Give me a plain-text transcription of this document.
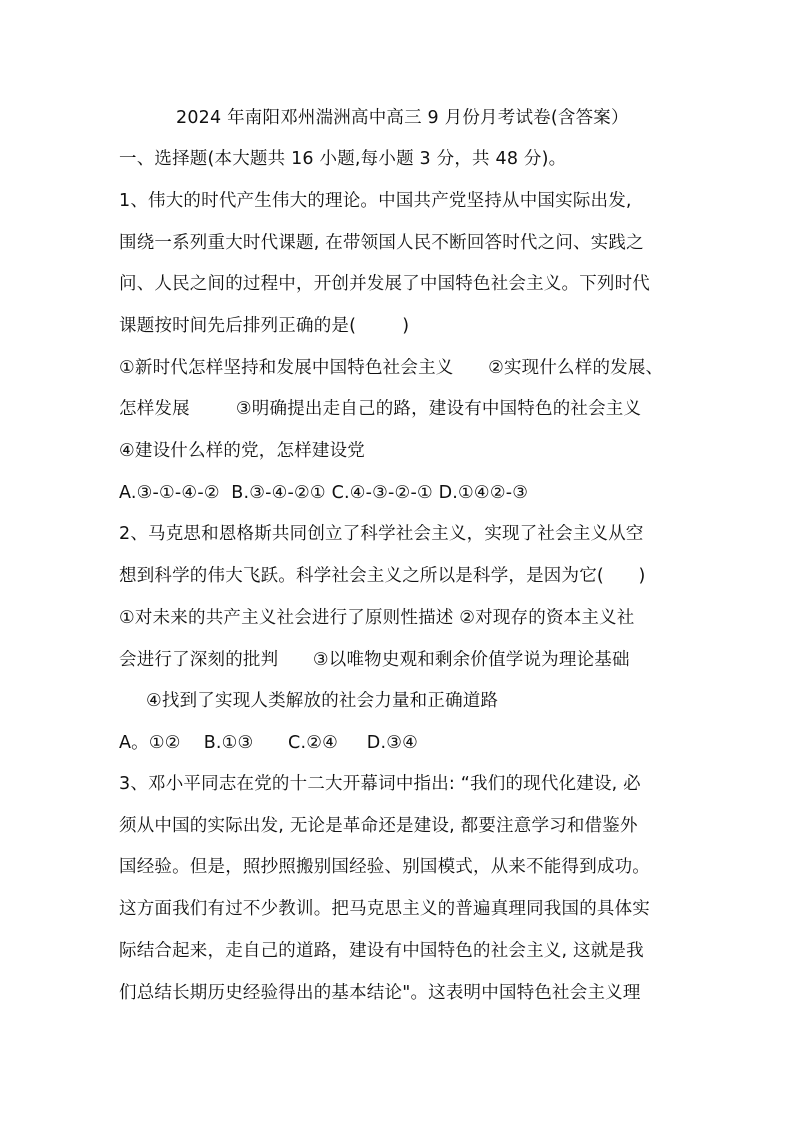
2024 年南阳邓州湍洲高中高三 9 月份月考试卷(含答案）
一、选择题(本大题共 16 小题,每小题 3 分，共 48 分)。
1、伟大的时代产生伟大的理论。中国共产党坚持从中国实际出发,
围绕一系列重大时代课题, 在带领国人民不断回答时代之问、实践之
问、人民之间的过程中，开创并发展了中国特色社会主义。下列时代
课题按时间先后排列正确的是(        )
①新时代怎样坚持和发展中国特色社会主义      ②实现什么样的发展、
怎样发展        ③明确提出走自己的路，建设有中国特色的社会主义
④建设什么样的党，怎样建设党
A.③-①-④-②  B.③-④-②① C.④-③-②-① D.①④②-③
2、马克思和恩格斯共同创立了科学社会主义，实现了社会主义从空
想到科学的伟大飞跃。科学社会主义之所以是科学，是因为它(      )
①对未来的共产主义社会进行了原则性描述 ②对现存的资本主义社
会进行了深刻的批判      ③以唯物史观和剩余价值学说为理论基础
④找到了实现人类解放的社会力量和正确道路
A。①②    B.①③      C.②④     D.③④
3、邓小平同志在党的十二大开幕词中指出: “我们的现代化建设, 必
须从中国的实际出发, 无论是革命还是建设, 都要注意学习和借鉴外
国经验。但是，照抄照搬别国经验、别国模式，从来不能得到成功。
这方面我们有过不少教训。把马克思主义的普遍真理同我国的具体实
际结合起来，走自己的道路，建设有中国特色的社会主义, 这就是我
们总结长期历史经验得出的基本结论"。这表明中国特色社会主义理
